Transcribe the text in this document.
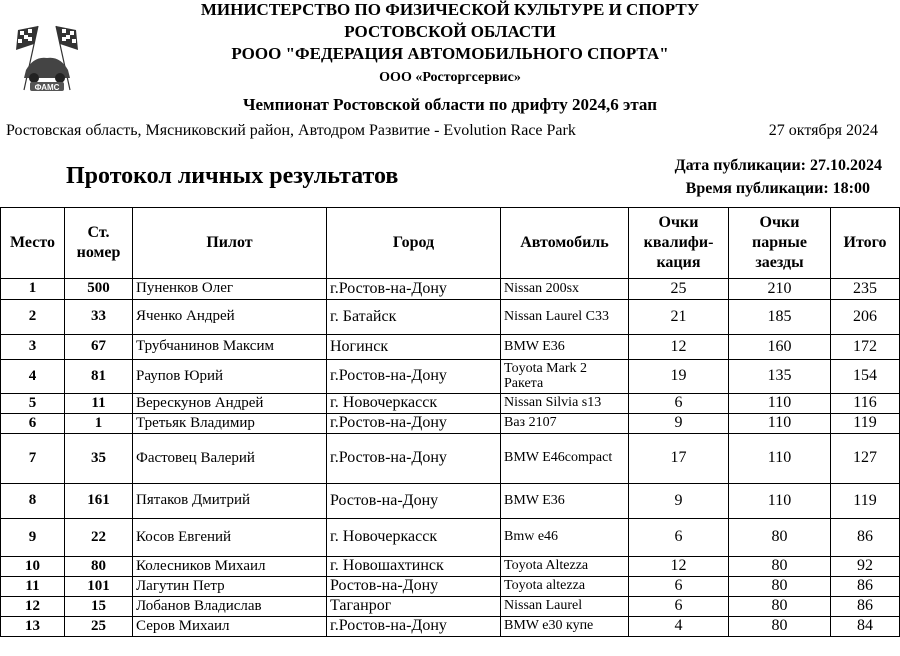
ФАМС
МИНИСТЕРСТВО ПО ФИЗИЧЕСКОЙ КУЛЬТУРЕ И СПОРТУ
РОСТОВСКОЙ ОБЛАСТИ
РООО "ФЕДЕРАЦИЯ АВТОМОБИЛЬНОГО СПОРТА"
ООО «Росторгсервис»
Чемпионат Ростовской области по дрифту 2024,6 этап
Ростовская область, Мясниковский район, Автодром Развитие - Evolution Race Park	27 октября 2024
Протокол личных результатов	Дата публикации: 27.10.2024
Время публикации: 18:00
Место	Ст. номер	Пилот	Город	Автомобиль	Очки квалифи-кация	Очки парные заезды	Итого
1	500	Пуненков Олег	г.Ростов-на-Дону	Nissan 200sx	25	210	235
2	33	Яченко Андрей	г. Батайск	Nissan Laurel C33	21	185	206
3	67	Трубчанинов Максим	Ногинск	BMW E36	12	160	172
4	81	Раупов Юрий	г.Ростов-на-Дону	Toyota Mark 2 Ракета	19	135	154
5	11	Верескунов Андрей	г. Новочеркасск	Nissan Silvia s13	6	110	116
6	1	Третьяк Владимир	г.Ростов-на-Дону	Ваз 2107	9	110	119
7	35	Фастовец Валерий	г.Ростов-на-Дону	BMW E46compact	17	110	127
8	161	Пятаков Дмитрий	Ростов-на-Дону	BMW E36	9	110	119
9	22	Косов Евгений	г. Новочеркасск	Bmw e46	6	80	86
10	80	Колесников Михаил	г. Новошахтинск	Toyota Altezza	12	80	92
11	101	Лагутин Петр	Ростов-на-Дону	Toyota altezza	6	80	86
12	15	Лобанов Владислав	Таганрог	Nissan Laurel	6	80	86
13	25	Серов Михаил	г.Ростов-на-Дону	BMW e30 купе	4	80	84
